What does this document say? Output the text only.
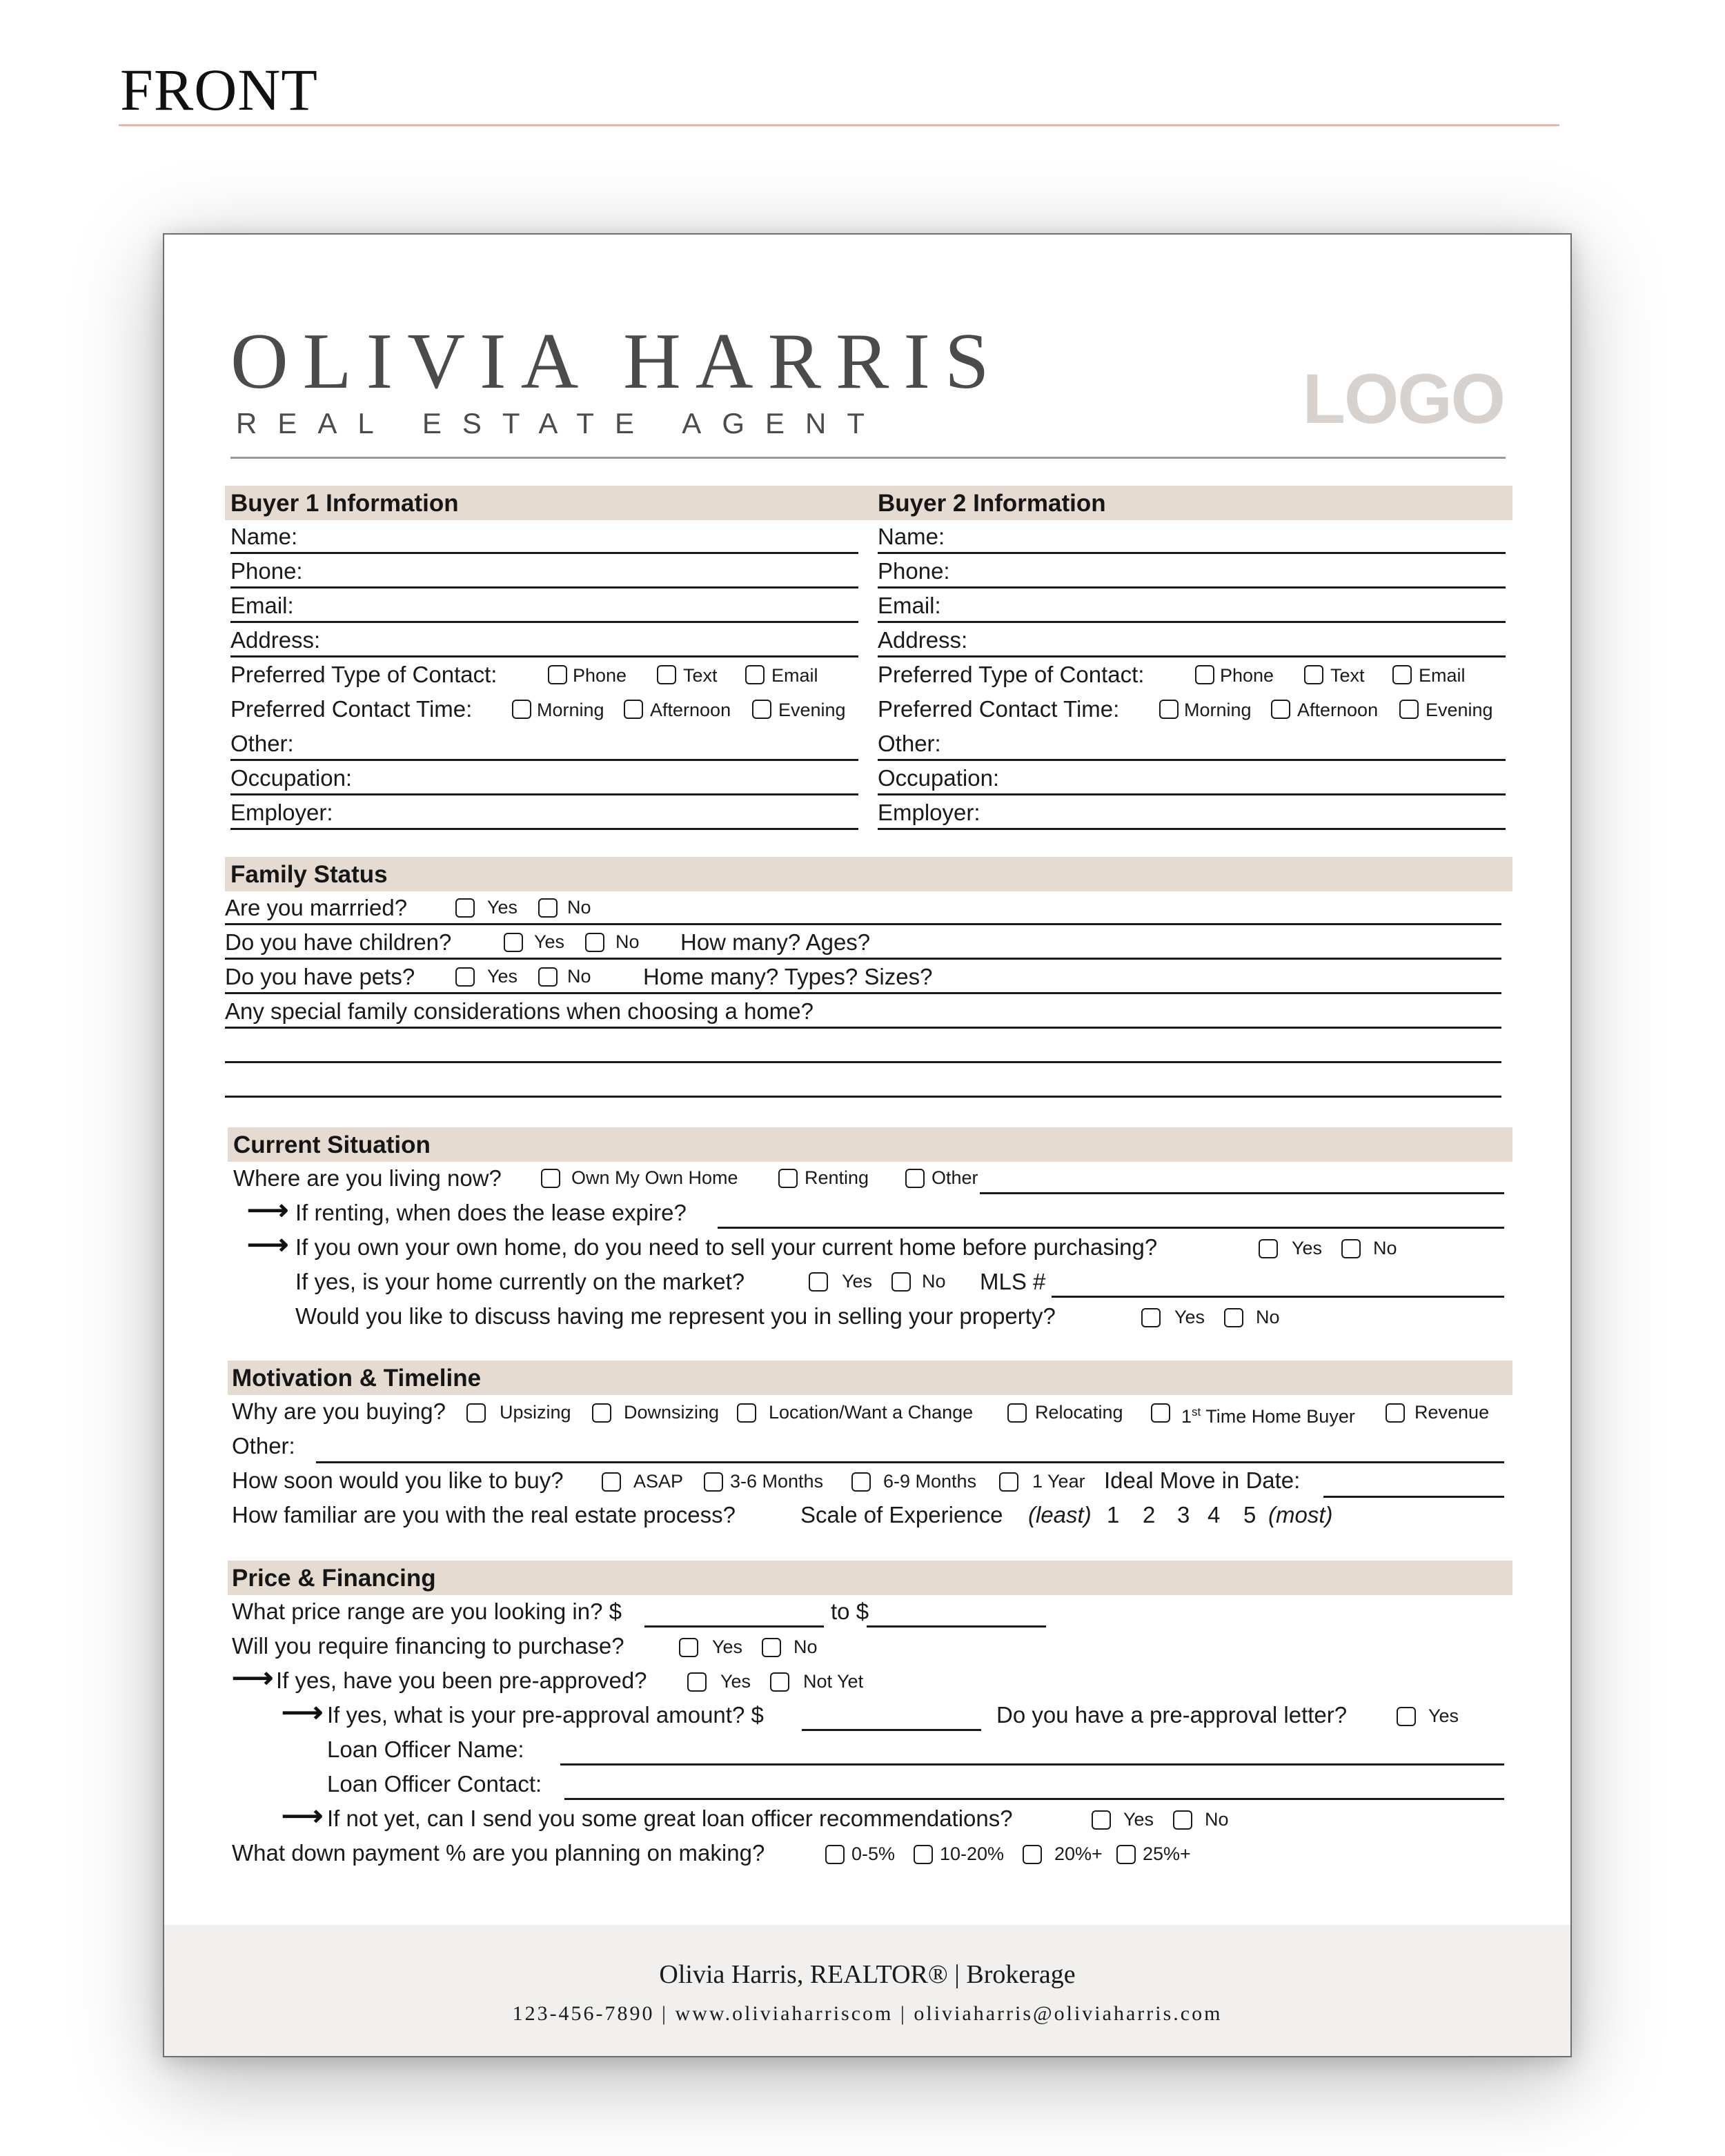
FRONT
OLIVIA HARRIS
REAL ESTATE AGENT	LOGO
Buyer 1 Information	Buyer 2 Information
Name:
Phone:
Email:
Address:
Preferred Type of Contact:	Phone	Text	Email
Preferred Contact Time:	Morning Afternoon	Evening
Other:
Occupation:
Employer:
Name:
Phone:
Email:
Address:
Preferred Type of Contact:	Phone	Text	Email
Preferred Contact Time:	Morning Afternoon	Evening
Other:
Occupation:
Employer:
Family Status
Are you marrried?	Yes	No
Do you have children?	Yes	No How many? Ages?
Do you have pets?	Yes	No Home many? Types? Sizes?
Any special family considerations when choosing a home?
Current Situation
Where are you living now?	Own My Own Home	Renting	Other
⟶ If renting, when does the lease expire?
⟶ If you own your own home, do you need to sell your current home before purchasing?	Yes	No
If yes, is your home currently on the market?	Yes	No MLS #
Would you like to discuss having me represent you in selling your property?	Yes	No
Motivation & Timeline
Why are you buying?	Upsizing	Downsizing	Location/Want a Change	Relocating	1st Time Home Buyer	Revenue
Other:
How soon would you like to buy?	ASAP	3-6 Months	6-9 Months	1 Year Ideal Move in Date:
How familiar are you with the real estate process?	Scale of Experience (least) 1 2 3 4 5 (most)
Price & Financing
What price range are you looking in? $	to $
Will you require financing to purchase?	Yes	No
⟶ If yes, have you been pre-approved?	Yes	Not Yet
⟶ If yes, what is your pre-approval amount? $	Do you have a pre-approval letter?	Yes
Loan Officer Name:
Loan Officer Contact:
⟶ If not yet, can I send you some great loan officer recommendations?	Yes	No
What down payment % are you planning on making?	0-5% 10-20%	20%+ 25%+
Olivia Harris, REALTOR® | Brokerage
123-456-7890 | www.oliviaharriscom | oliviaharris@oliviaharris.com
